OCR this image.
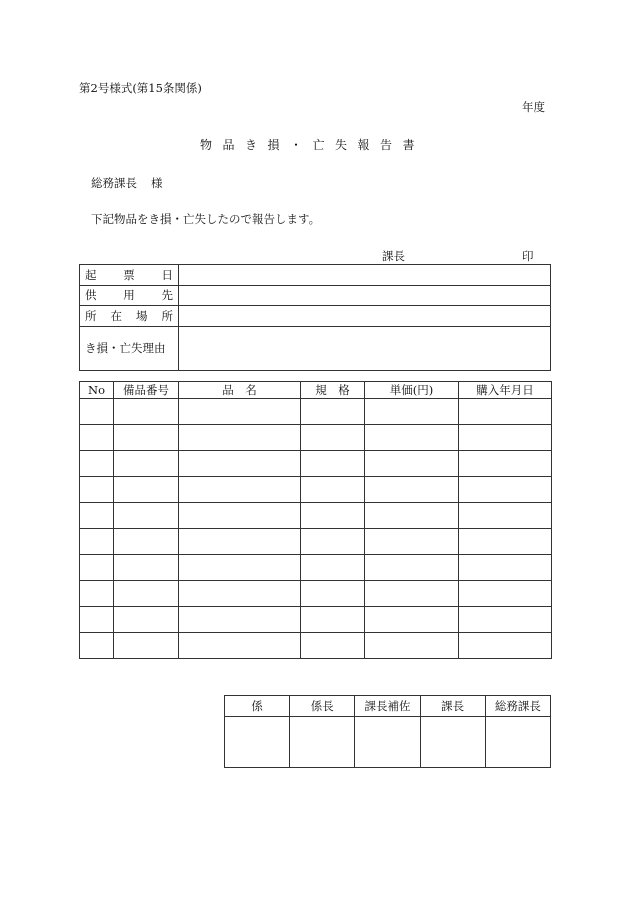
第2号様式(第15条関係)
年度
物 品 き 損 ・ 亡 失 報 告 書
総務課長 様
下記物品をき損・亡失したので報告します。
課長	印
起 票 日	

供 用 先	

所 在 場 所	

き損・亡失理由	
No	備品番号	品　名	規　格	単価(円)	購入年月日

係	係長	課長補佐	課長	総務課長
